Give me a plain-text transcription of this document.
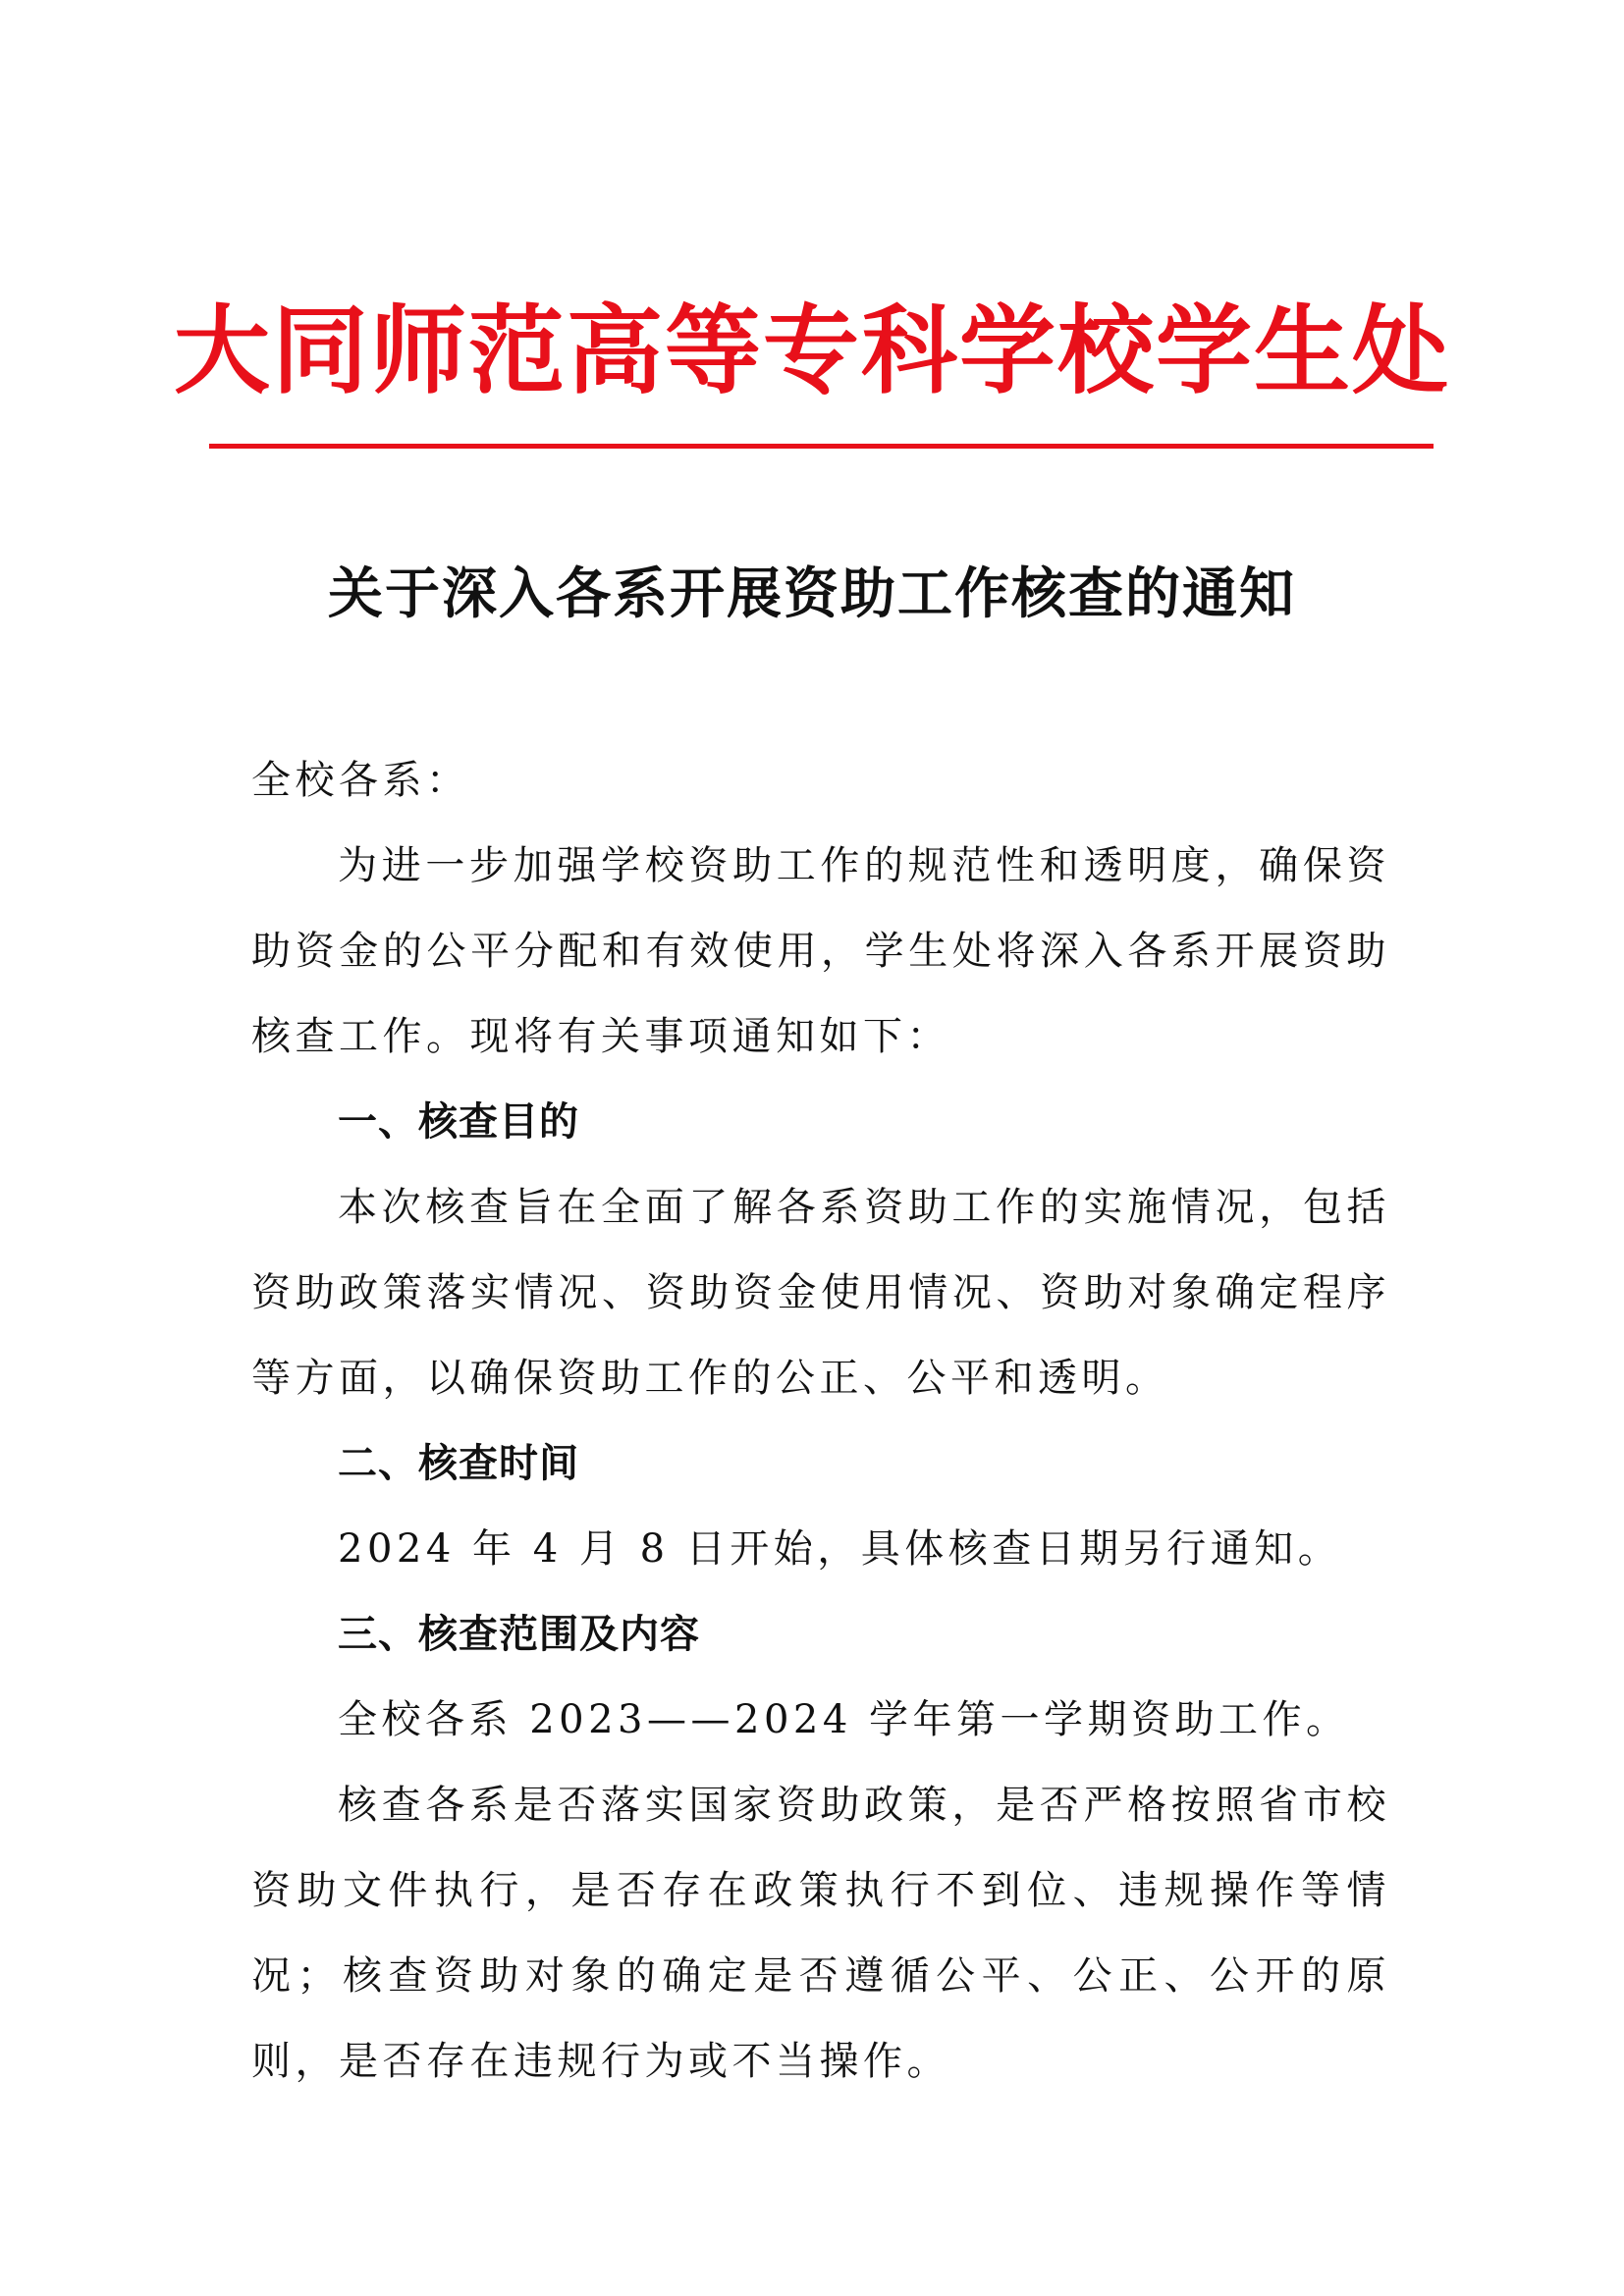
大同师范高等专科学校学生处
关于深入各系开展资助工作核查的通知

全校各系：

为进一步加强学校资助工作的规范性和透明度，确保资助资金的公平分配和有效使用，学生处将深入各系开展资助核查工作。现将有关事项通知如下：

一、核查目的

本次核查旨在全面了解各系资助工作的实施情况，包括资助政策落实情况、资助资金使用情况、资助对象确定程序等方面，以确保资助工作的公正、公平和透明。

二、核查时间

2024 年 4 月 8 日开始，具体核查日期另行通知。

三、核查范围及内容

全校各系 2023——2024 学年第一学期资助工作。

核查各系是否落实国家资助政策，是否严格按照省市校资助文件执行，是否存在政策执行不到位、违规操作等情况；核查资助对象的确定是否遵循公平、公正、公开的原则，是否存在违规行为或不当操作。
